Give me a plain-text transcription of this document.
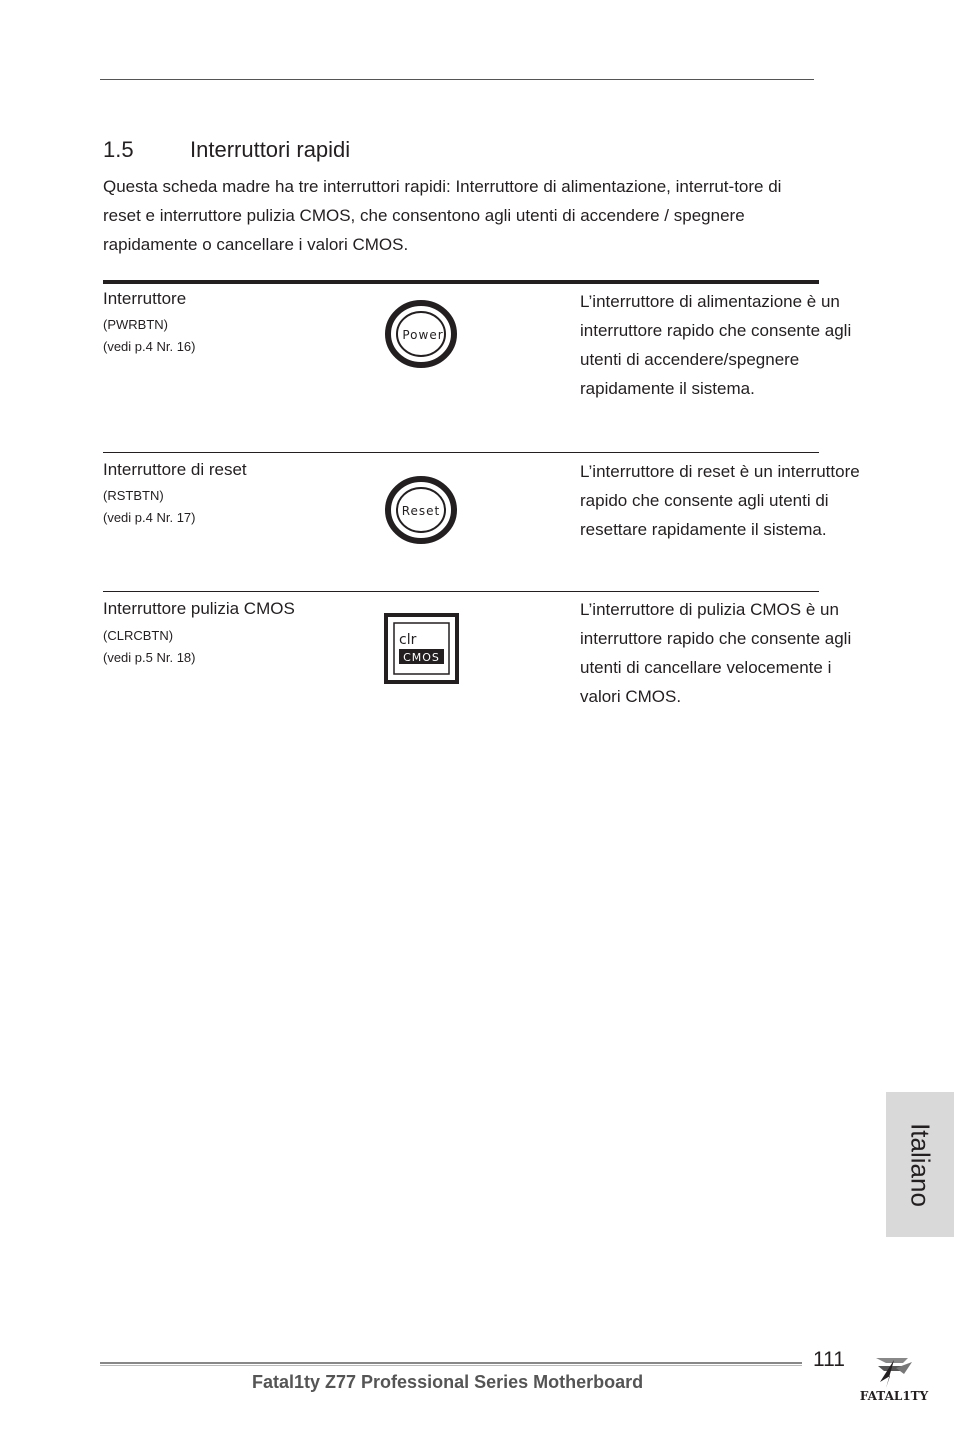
1.5	Interruttori rapidi

Questa scheda madre ha tre interruttori rapidi: Interruttore di alimentazione, interrut-tore di reset e interruttore pulizia CMOS, che consentono agli utenti di accendere / spegnere rapidamente o cancellare i valori CMOS.

Interruttore
(PWRBTN)
(vedi p.4 Nr. 16)
Power

L’interruttore di alimentazione è un interruttore rapido che consente agli utenti di accendere/spegnere rapidamente il sistema.

Interruttore di reset
(RSTBTN)
(vedi p.4 Nr. 17)	Reset

L’interruttore di reset è un interruttore rapido che consente agli utenti di resettare rapidamente il sistema.

Interruttore pulizia CMOS
(CLRCBTN)
(vedi p.5 Nr. 18)
clr
CMOS

L’interruttore di pulizia CMOS è un interruttore rapido che consente agli utenti di cancellare velocemente i valori CMOS.

Italiano
111
Fatal1ty Z77 Professional Series Motherboard
FATAL1TY
